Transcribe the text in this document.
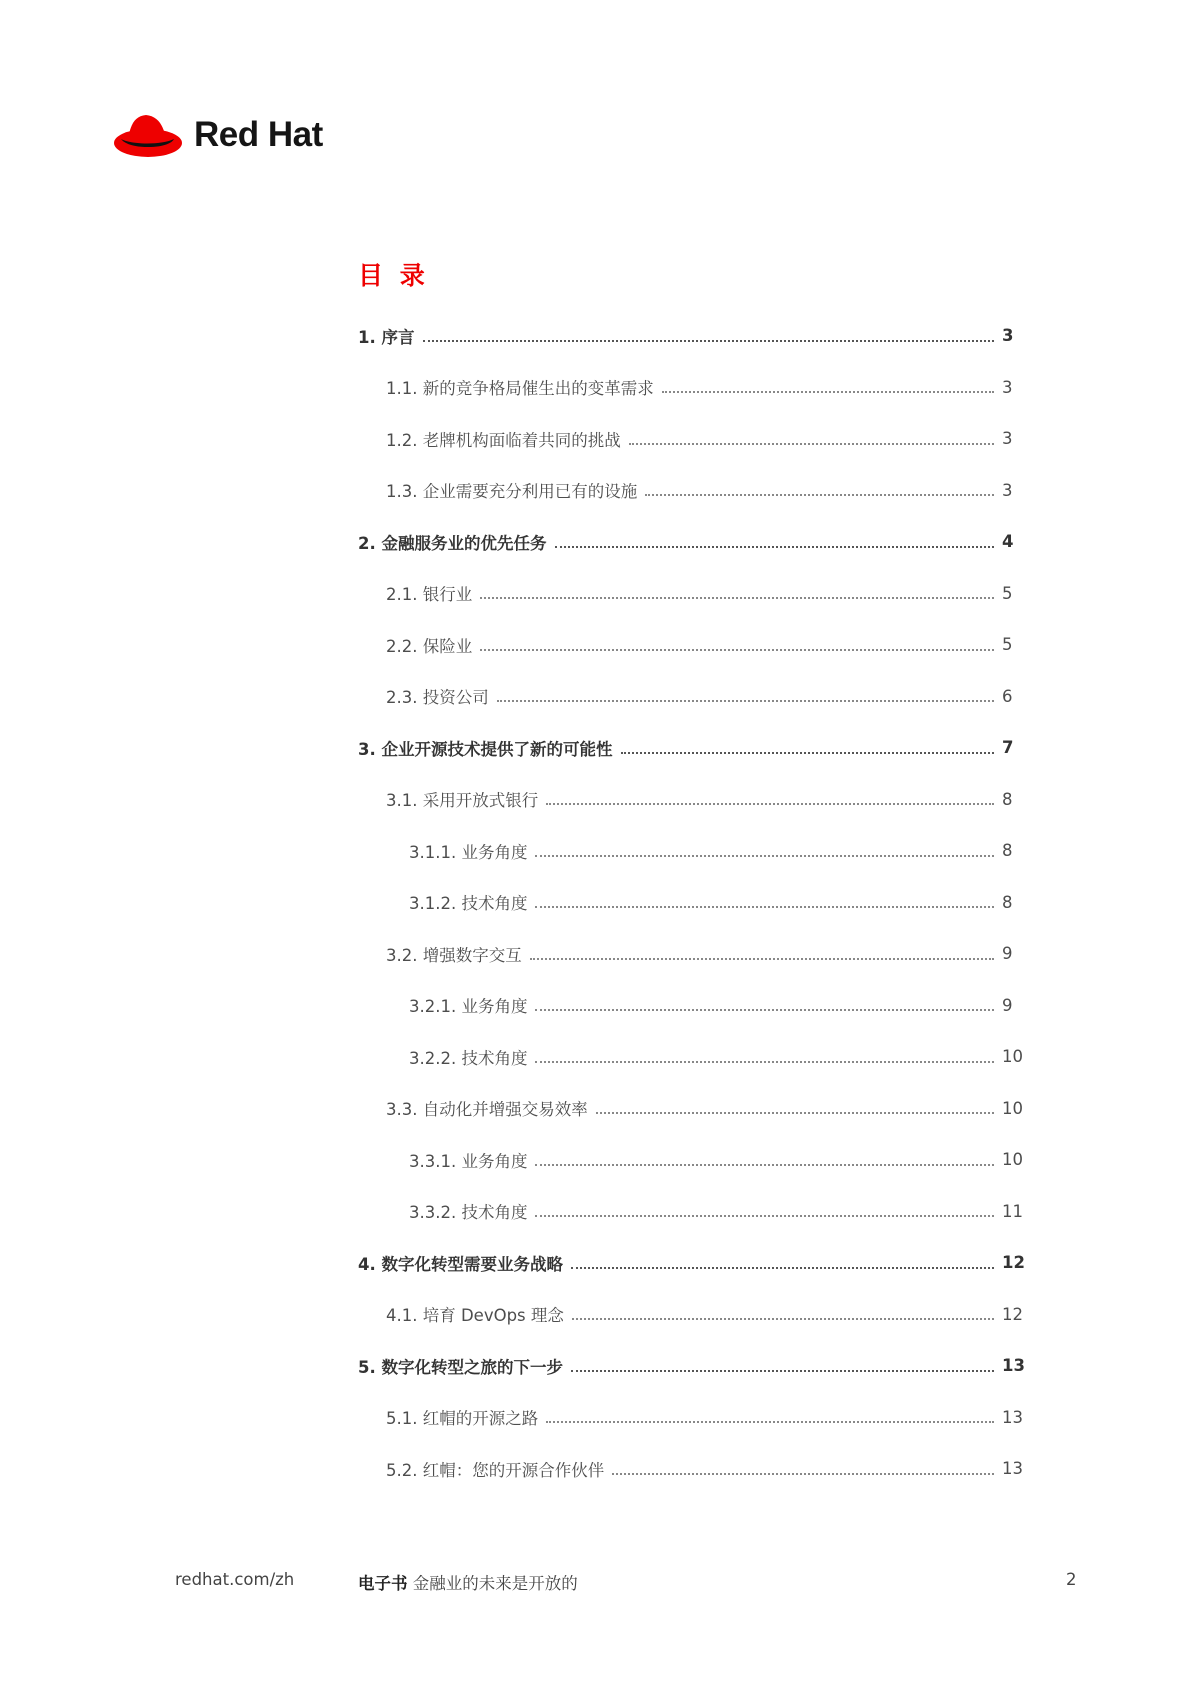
Red Hat
目 录
1. 序言	3
1.1. 新的竞争格局催生出的变革需求	3
1.2. 老牌机构面临着共同的挑战	3
1.3. 企业需要充分利用已有的设施	3
2. 金融服务业的优先任务	4
2.1. 银行业	5
2.2. 保险业	5
2.3. 投资公司	6
3. 企业开源技术提供了新的可能性	7
3.1. 采用开放式银行	8
3.1.1. 业务角度	8
3.1.2. 技术角度	8
3.2. 增强数字交互	9
3.2.1. 业务角度	9
3.2.2. 技术角度	10
3.3. 自动化并增强交易效率	10
3.3.1. 业务角度	10
3.3.2. 技术角度	11
4. 数字化转型需要业务战略	12
4.1. 培育 DevOps 理念	12
5. 数字化转型之旅的下一步	13
5.1. 红帽的开源之路	13
5.2. 红帽：您的开源合作伙伴	13
redhat.com/zh	电子书 金融业的未来是开放的	2
